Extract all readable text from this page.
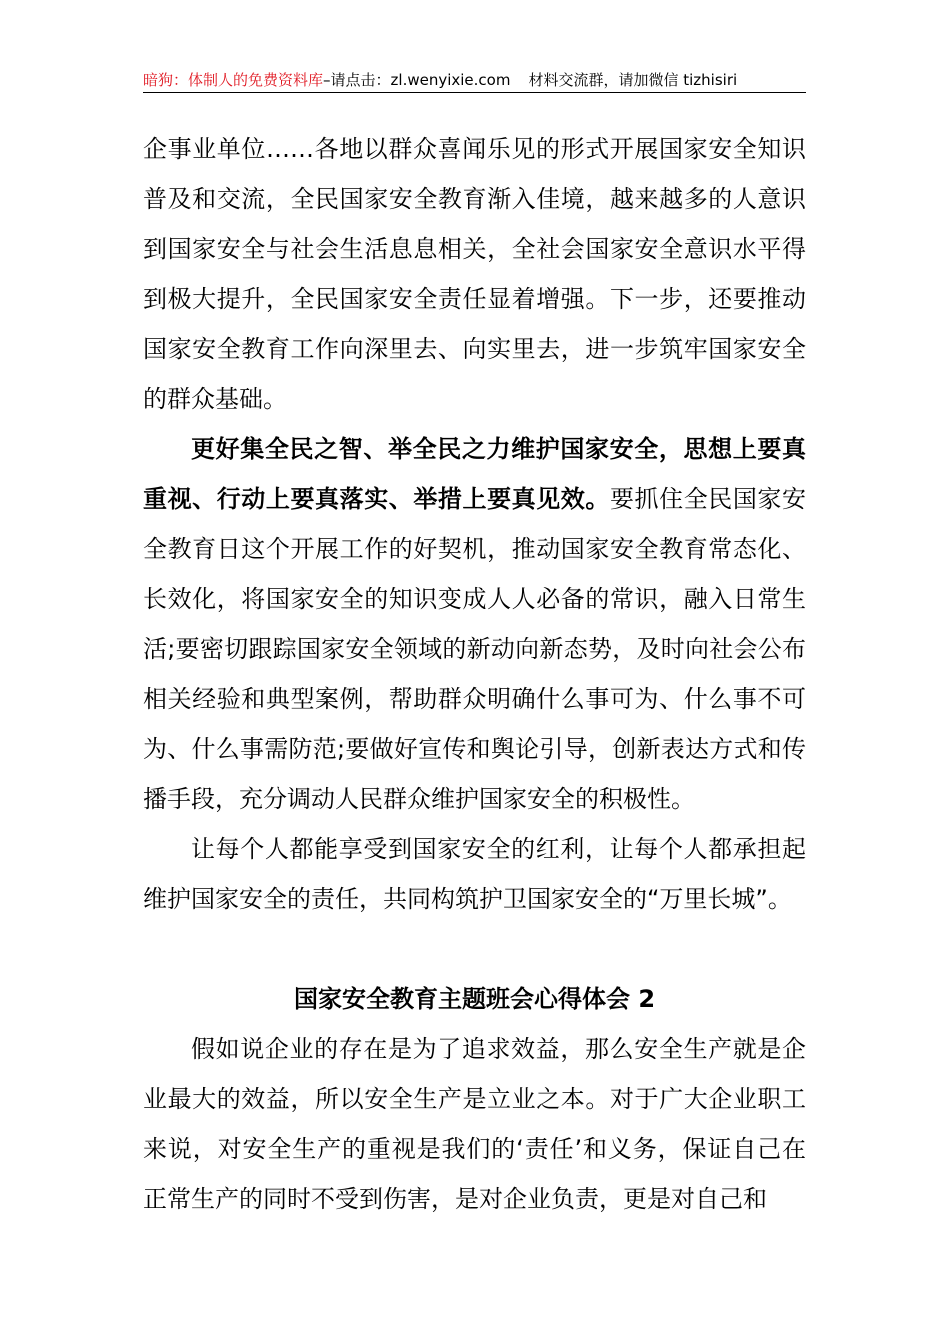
暗狗：体制人的免费资料库–请点击：zl.wenyixie.com 材料交流群，请加微信 tizhisiri

企事业单位……各地以群众喜闻乐见的形式开展国家安全知识普及和交流，全民国家安全教育渐入佳境，越来越多的人意识到国家安全与社会生活息息相关，全社会国家安全意识水平得到极大提升，全民国家安全责任显着增强。下一步，还要推动国家安全教育工作向深里去、向实里去，进一步筑牢国家安全的群众基础。

更好集全民之智、举全民之力维护国家安全，思想上要真重视、行动上要真落实、举措上要真见效。要抓住全民国家安全教育日这个开展工作的好契机，推动国家安全教育常态化、长效化，将国家安全的知识变成人人必备的常识，融入日常生活;要密切跟踪国家安全领域的新动向新态势，及时向社会公布相关经验和典型案例，帮助群众明确什么事可为、什么事不可为、什么事需防范;要做好宣传和舆论引导，创新表达方式和传播手段，充分调动人民群众维护国家安全的积极性。

让每个人都能享受到国家安全的红利，让每个人都承担起维护国家安全的责任，共同构筑护卫国家安全的“万里长城”。

国家安全教育主题班会心得体会 2

假如说企业的存在是为了追求效益，那么安全生产就是企业最大的效益，所以安全生产是立业之本。对于广大企业职工来说，对安全生产的重视是我们的‘责任’和义务，保证自己在正常生产的同时不受到伤害，是对企业负责，更是对自己和
